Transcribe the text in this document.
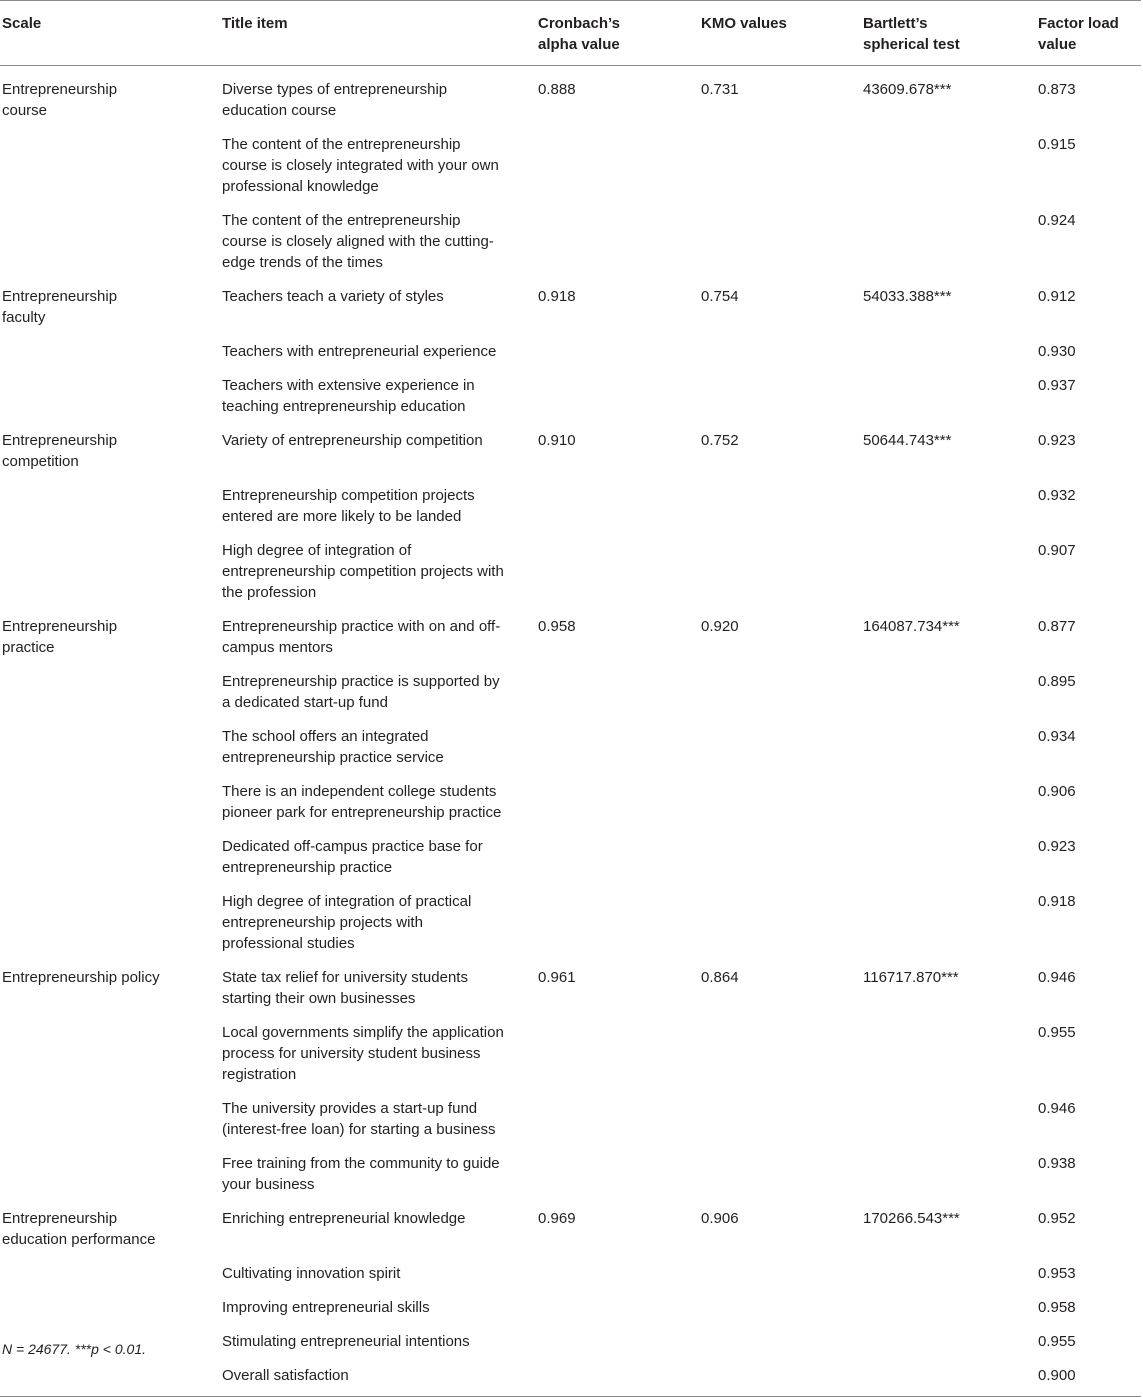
Scale	Title item	Cronbach’s alpha value	KMO values	Bartlett’s spherical test	Factor load value
Entrepreneurship course	Diverse types of entrepreneurship education course	0.888	0.731	43609.678***	0.873
	The content of the entrepreneurship course is closely integrated with your own professional knowledge				0.915
	The content of the entrepreneurship course is closely aligned with the cutting-edge trends of the times				0.924
Entrepreneurship faculty	Teachers teach a variety of styles	0.918	0.754	54033.388***	0.912
	Teachers with entrepreneurial experience				0.930
	Teachers with extensive experience in teaching entrepreneurship education				0.937
Entrepreneurship competition	Variety of entrepreneurship competition	0.910	0.752	50644.743***	0.923
	Entrepreneurship competition projects entered are more likely to be landed				0.932
	High degree of integration of entrepreneurship competition projects with the profession				0.907
Entrepreneurship practice	Entrepreneurship practice with on and off-campus mentors	0.958	0.920	164087.734***	0.877
	Entrepreneurship practice is supported by a dedicated start-up fund				0.895
	The school offers an integrated entrepreneurship practice service				0.934
	There is an independent college students pioneer park for entrepreneurship practice				0.906
	Dedicated off-campus practice base for entrepreneurship practice				0.923
	High degree of integration of practical entrepreneurship projects with professional studies				0.918
Entrepreneurship policy	State tax relief for university students starting their own businesses	0.961	0.864	116717.870***	0.946
	Local governments simplify the application process for university student business registration				0.955
	The university provides a start-up fund (interest-free loan) for starting a business				0.946
	Free training from the community to guide your business				0.938
Entrepreneurship education performance	Enriching entrepreneurial knowledge	0.969	0.906	170266.543***	0.952
	Cultivating innovation spirit				0.953
	Improving entrepreneurial skills				0.958
	Stimulating entrepreneurial intentions				0.955
	Overall satisfaction				0.900
N = 24677. ***p < 0.01.
